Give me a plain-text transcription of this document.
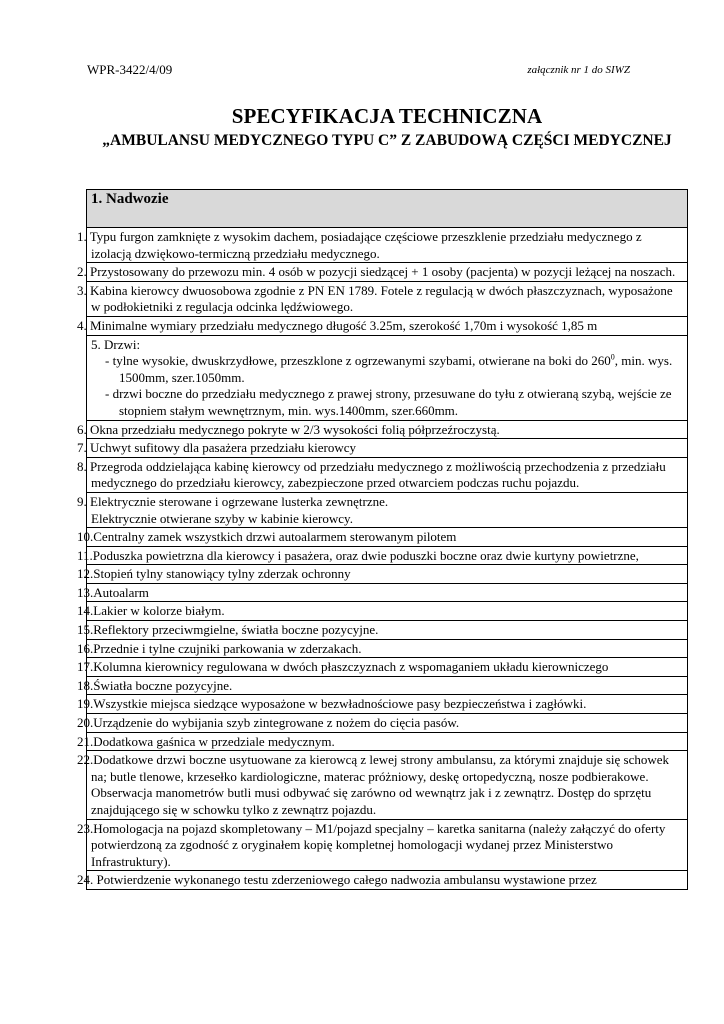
WPR-3422/4/09	załącznik nr 1 do SIWZ
SPECYFIKACJA TECHNICZNA
„AMBULANSU MEDYCZNEGO TYPU C” Z ZABUDOWĄ CZĘŚCI MEDYCZNEJ
1. Nadwozie
1. Typu furgon zamknięte z wysokim dachem, posiadające częściowe przeszklenie przedziału medycznego z izolacją dzwiękowo-termiczną przedziału medycznego.
2. Przystosowany do przewozu min. 4 osób w pozycji siedzącej + 1 osoby (pacjenta) w pozycji leżącej na noszach.
3. Kabina kierowcy dwuosobowa zgodnie z PN EN 1789. Fotele z regulacją w dwóch płaszczyznach, wyposażone w podłokietniki z regulacja odcinka lędźwiowego.
4. Minimalne wymiary przedziału medycznego długość 3.25m, szerokość 1,70m i wysokość 1,85 m

5. Drzwi:
- tylne wysokie, dwuskrzydłowe, przeszklone z ogrzewanymi szybami, otwierane na boki do $260^0$, min. wys. 1500mm, szer.1050mm.
- drzwi boczne do przedziału medycznego z prawej strony, przesuwane do tyłu z otwieraną szybą, wejście ze stopniem stałym wewnętrznym, min. wys.1400mm, szer.660mm.

6. Okna przedziału medycznego pokryte w 2/3 wysokości folią półprzeźroczystą.
7. Uchwyt sufitowy dla pasażera przedziału kierowcy
8. Przegroda oddzielająca kabinę kierowcy od przedziału medycznego z możliwością przechodzenia z przedziału medycznego do przedziału kierowcy, zabezpieczone przed otwarciem podczas ruchu pojazdu.

9. Elektrycznie sterowane i ogrzewane lusterka zewnętrzne.
Elektrycznie otwierane szyby w kabinie kierowcy.

10.Centralny zamek wszystkich drzwi autoalarmem sterowanym pilotem
11.Poduszka powietrzna dla kierowcy i pasażera, oraz dwie poduszki boczne oraz dwie kurtyny powietrzne,
12.Stopień tylny stanowiący tylny zderzak ochronny
13.Autoalarm
14.Lakier w kolorze białym.
15.Reflektory przeciwmgielne, światła boczne pozycyjne.
16.Przednie i tylne czujniki parkowania w zderzakach.
17.Kolumna kierownicy regulowana w dwóch płaszczyznach z wspomaganiem układu kierowniczego
18.Światła boczne pozycyjne.
19.Wszystkie miejsca siedzące wyposażone w bezwładnościowe pasy bezpieczeństwa i zagłówki.
20.Urządzenie do wybijania szyb zintegrowane z nożem do cięcia pasów.
21.Dodatkowa gaśnica w przedziale medycznym.
22.Dodatkowe drzwi boczne usytuowane za kierowcą z lewej strony ambulansu, za którymi znajduje się schowek na; butle tlenowe, krzesełko kardiologiczne, materac próżniowy, deskę ortopedyczną, nosze podbierakowe. Obserwacja manometrów butli musi odbywać się zarówno od wewnątrz jak i z zewnątrz. Dostęp do sprzętu znajdującego się w schowku tylko z zewnątrz pojazdu.
23.Homologacja na pojazd skompletowany – M1/pojazd specjalny – karetka sanitarna (należy załączyć do oferty potwierdzoną za zgodność z oryginałem kopię kompletnej homologacji wydanej przez Ministerstwo Infrastruktury).
24. Potwierdzenie wykonanego testu zderzeniowego całego nadwozia ambulansu wystawione przez
